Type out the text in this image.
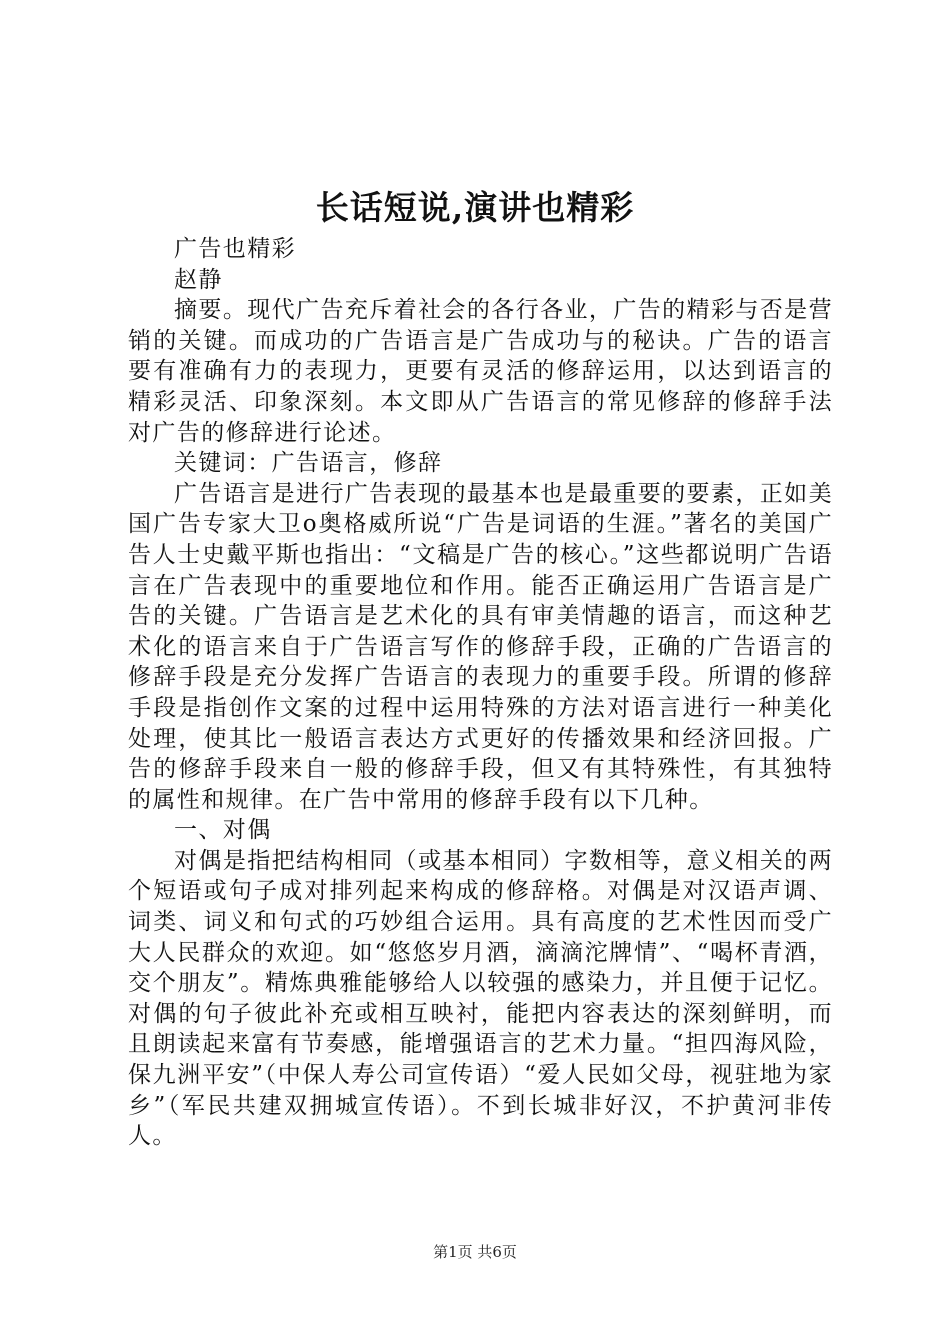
长话短说,演讲也精彩

广告也精彩

赵静

摘要。现代广告充斥着社会的各行各业，广告的精彩与否是营销的关键。而成功的广告语言是广告成功与的秘诀。广告的语言要有准确有力的表现力，更要有灵活的修辞运用，以达到语言的精彩灵活、印象深刻。本文即从广告语言的常见修辞的修辞手法对广告的修辞进行论述。

关键词：广告语言，修辞

广告语言是进行广告表现的最基本也是最重要的要素，正如美国广告专家大卫o奥格威所说“广告是词语的生涯。”著名的美国广告人士史戴平斯也指出：“文稿是广告的核心。”这些都说明广告语言在广告表现中的重要地位和作用。能否正确运用广告语言是广告的关键。广告语言是艺术化的具有审美情趣的语言，而这种艺术化的语言来自于广告语言写作的修辞手段，正确的广告语言的修辞手段是充分发挥广告语言的表现力的重要手段。所谓的修辞手段是指创作文案的过程中运用特殊的方法对语言进行一种美化处理，使其比一般语言表达方式更好的传播效果和经济回报。广告的修辞手段来自一般的修辞手段，但又有其特殊性，有其独特的属性和规律。在广告中常用的修辞手段有以下几种。

一、对偶

对偶是指把结构相同（或基本相同）字数相等，意义相关的两个短语或句子成对排列起来构成的修辞格。对偶是对汉语声调、词类、词义和句式的巧妙组合运用。具有高度的艺术性因而受广大人民群众的欢迎。如“悠悠岁月酒，滴滴沱牌情”、“喝杯青酒，交个朋友”。精炼典雅能够给人以较强的感染力，并且便于记忆。对偶的句子彼此补充或相互映衬，能把内容表达的深刻鲜明，而且朗读起来富有节奏感，能增强语言的艺术力量。“担四海风险，保九洲平安”（中保人寿公司宣传语）“爱人民如父母，视驻地为家乡”（军民共建双拥城宣传语）。不到长城非好汉，不护黄河非传人。

第1页 共6页
